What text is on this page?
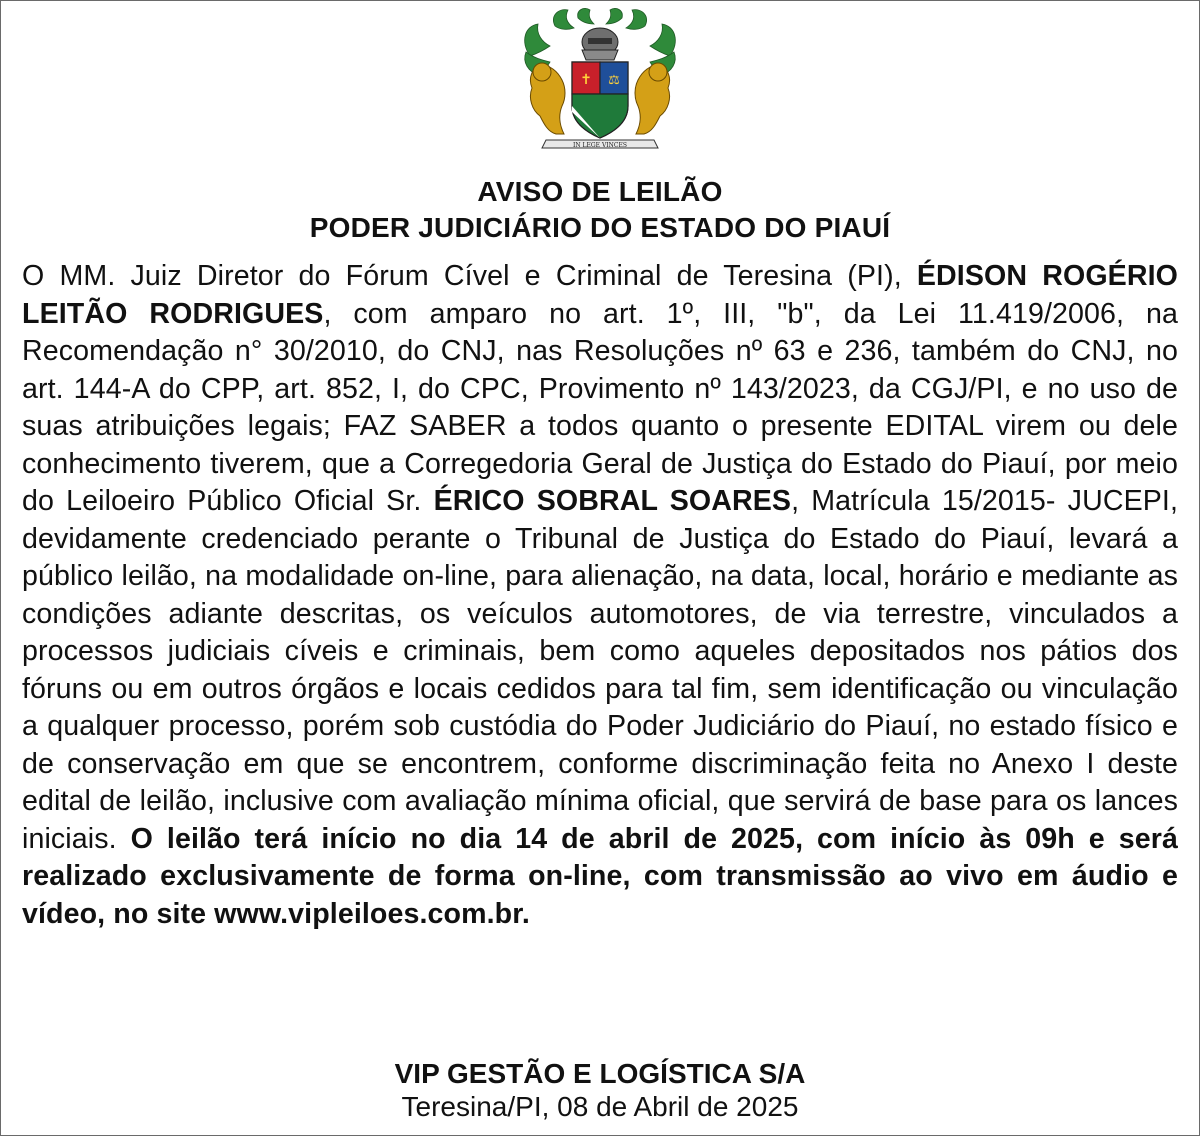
✝ ⚖
IN LEGE VINCES
AVISO DE LEILÃO
PODER JUDICIÁRIO DO ESTADO DO PIAUÍ

O MM. Juiz Diretor do Fórum Cível e Criminal de Teresina (PI), ÉDISON ROGÉRIO LEITÃO RODRIGUES, com amparo no art. 1º, III, "b", da Lei 11.419/2006, na Recomendação n° 30/2010, do CNJ, nas Resoluções nº 63 e 236, também do CNJ, no art. 144-A do CPP, art. 852, I, do CPC, Provimento nº 143/2023, da CGJ/PI, e no uso de suas atribuições legais; FAZ SABER a todos quanto o presente EDITAL virem ou dele conhecimento tiverem, que a Corregedoria Geral de Justiça do Estado do Piauí, por meio do Leiloeiro Público Oficial Sr. ÉRICO SOBRAL SOARES, Matrícula 15/2015- JUCEPI, devidamente credenciado perante o Tribunal de Justiça do Estado do Piauí, levará a público leilão, na modalidade on-line, para alienação, na data, local, horário e mediante as condições adiante descritas, os veículos automotores, de via terrestre, vinculados a processos judiciais cíveis e criminais, bem como aqueles depositados nos pátios dos fóruns ou em outros órgãos e locais cedidos para tal fim, sem identificação ou vinculação a qualquer processo, porém sob custódia do Poder Judiciário do Piauí, no estado físico e de conservação em que se encontrem, conforme discriminação feita no Anexo I deste edital de leilão, inclusive com avaliação mínima oficial, que servirá de base para os lances iniciais. O leilão terá início no dia 14 de abril de 2025, com início às 09h e será realizado exclusivamente de forma on-line, com transmissão ao vivo em áudio e vídeo, no site www.vipleiloes.com.br.

VIP GESTÃO E LOGÍSTICA S/A
Teresina/PI, 08 de Abril de 2025
